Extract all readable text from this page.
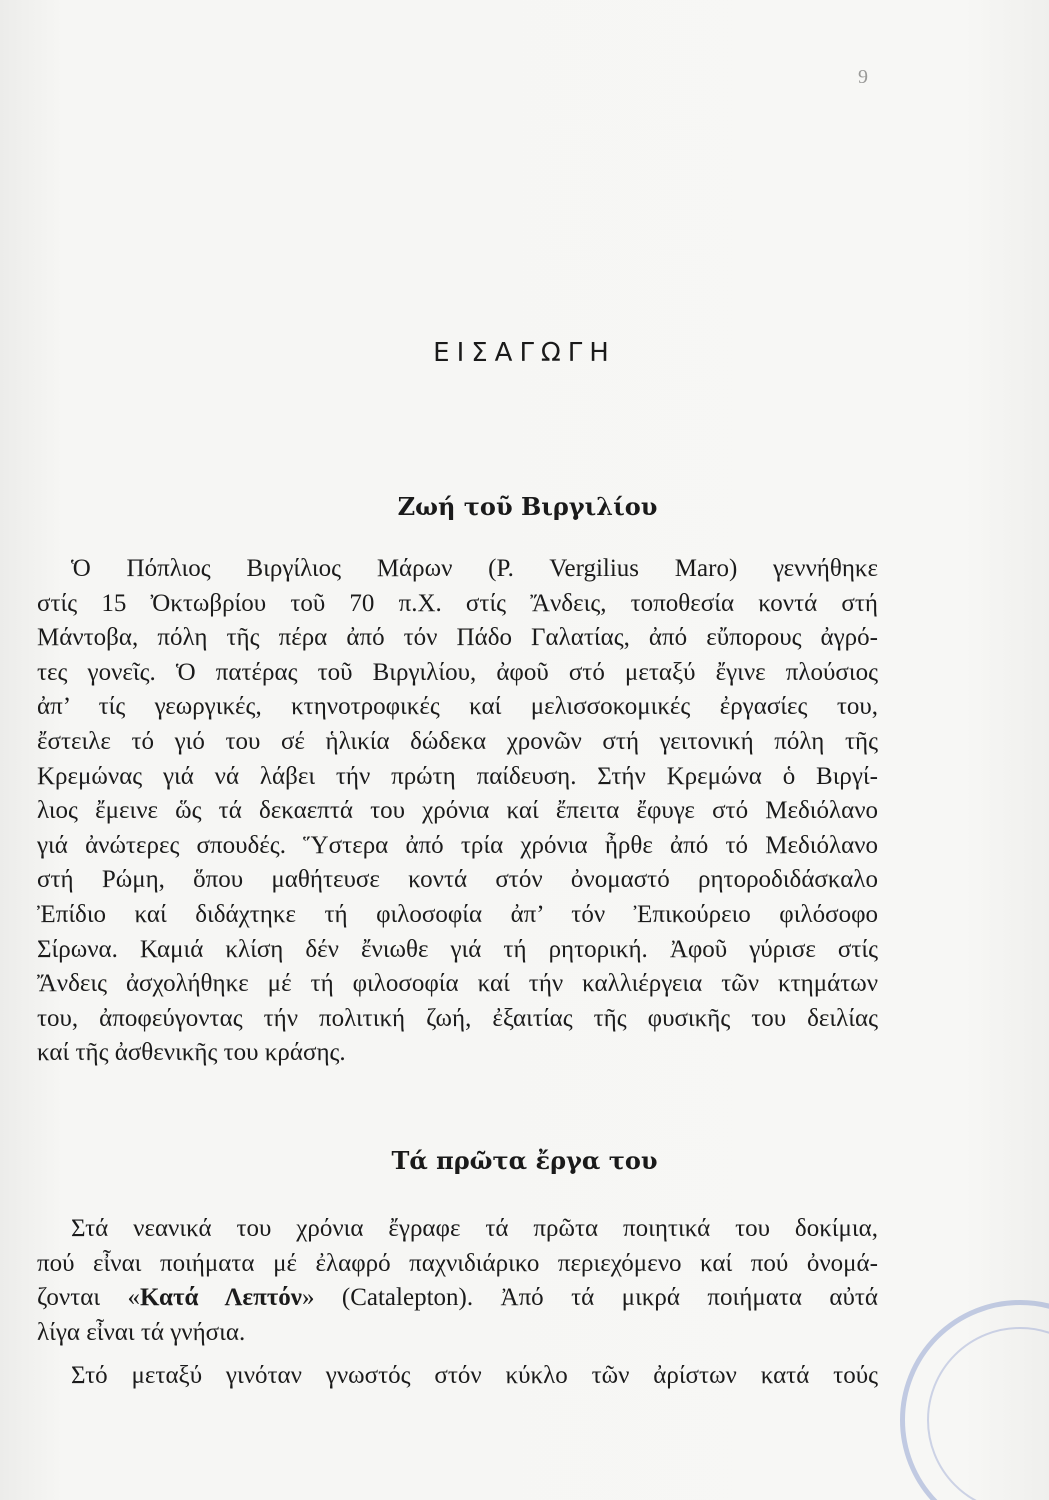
9
ΕΙΣΑΓΩΓΗ
Ζωή τοῦ Βιργιλίου
Ὁ Πόπλιος Βιργίλιος Μάρων (P. Vergilius Maro) γεννήθηκε
στίς 15 Ὀκτωβρίου τοῦ 70 π.Χ. στίς Ἄνδεις, τοποθεσία κοντά στή
Μάντοβα, πόλη τῆς πέρα ἀπό τόν Πάδο Γαλατίας, ἀπό εὔπορους ἀγρό-
τες γονεῖς. Ὁ πατέρας τοῦ Βιργιλίου, ἀφοῦ στό μεταξύ ἔγινε πλούσιος
ἀπ’ τίς γεωργικές, κτηνοτροφικές καί μελισσοκομικές ἐργασίες του,
ἔστειλε τό γιό του σέ ἡλικία δώδεκα χρονῶν στή γειτονική πόλη τῆς
Κρεμώνας γιά νά λάβει τήν πρώτη παίδευση. Στήν Κρεμώνα ὁ Βιργί-
λιος ἔμεινε ὥς τά δεκαεπτά του χρόνια καί ἔπειτα ἔφυγε στό Μεδιόλανο
γιά ἀνώτερες σπουδές. Ὕστερα ἀπό τρία χρόνια ἦρθε ἀπό τό Μεδιόλανο
στή Ρώμη, ὅπου μαθήτευσε κοντά στόν ὀνομαστό ρητοροδιδάσκαλο
Ἐπίδιο καί διδάχτηκε τή φιλοσοφία ἀπ’ τόν Ἐπικούρειο φιλόσοφο
Σίρωνα. Καμιά κλίση δέν ἔνιωθε γιά τή ρητορική. Ἀφοῦ γύρισε στίς
Ἄνδεις ἀσχολήθηκε μέ τή φιλοσοφία καί τήν καλλιέργεια τῶν κτημάτων
του, ἀποφεύγοντας τήν πολιτική ζωή, ἐξαιτίας τῆς φυσικῆς του δειλίας
καί τῆς ἀσθενικῆς του κράσης.
Τά πρῶτα ἔργα του
Στά νεανικά του χρόνια ἔγραφε τά πρῶτα ποιητικά του δοκίμια,
πού εἶναι ποιήματα μέ ἐλαφρό παχνιδιάρικο περιεχόμενο καί πού ὀνομά-
ζονται «Κατά Λεπτόν» (Catalepton). Ἀπό τά μικρά ποιήματα αὐτά
λίγα εἶναι τά γνήσια.
Στό μεταξύ γινόταν γνωστός στόν κύκλο τῶν ἀρίστων κατά τούς
